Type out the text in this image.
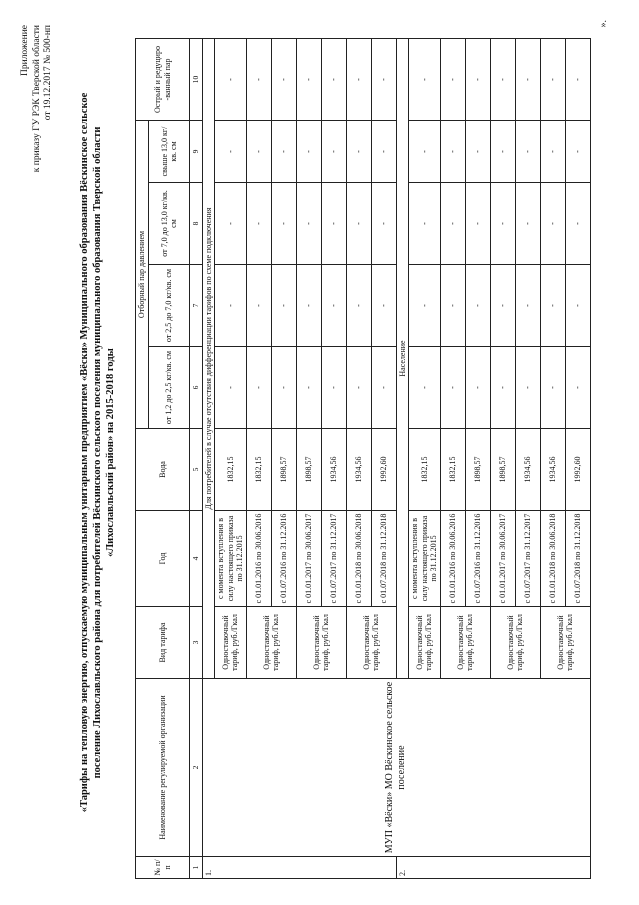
Приложение к приказу ГУ РЭК Тверской области от 19.12.2017 № 500-нп
«Тарифы на тепловую энергию, отпускаемую муниципальным унитарным предприятием «Вёски» Муниципального образования Вёскинское сельское поселение Лихославльского района для потребителей Вёскинского сельского поселения муниципального образования Тверской области «Лихославльский район» на 2015-2018 годы
№ п/ п	Наименование регулируемой организации	Вид тарифа	Год	Вода	Отборный пар давлением				Острый и редуциро -ванный пар
					от 1,2 до 2,5 кг/кв. см	от 2,5 до 7,0 кг/кв. см	от 7,0 до 13,0 кг/кв. см	свыше 13,0 кг/кв. см	
1	2	3	4	5	6	7	8	9	10
1.	МУП «Вёски» МО Вёскинское сельское поселение	Для потребителей в случае отсутствия дифференциации тарифов по схеме подключения							
		Одноставочный тариф, руб./Гкал	с момента вступления в силу настоящего приказа по 31.12.2015	1832,15	-	-	-	-	-
		Одноставочный тариф, руб./Гкал	с 01.01.2016 по 30.06.2016	1832,15	-	-	-	-	-
			с 01.07.2016 по 31.12.2016	1898,57	-	-	-	-	-
		Одноставочный тариф, руб./Гкал	с 01.01.2017 по 30.06.2017	1898,57	-	-	-	-	-
			с 01.07.2017 по 31.12.2017	1934,56	-	-	-	-	-
		Одноставочный тариф, руб./Гкал	с 01.01.2018 по 30.06.2018	1934,56	-	-	-	-	-
			с 01.07.2018 по 31.12.2018	1992,60	-	-	-	-	-
2.		Население							
		Одноставочный тариф, руб./Гкал	с момента вступления в силу настоящего приказа по 31.12.2015	1832,15	-	-	-	-	-
		Одноставочный тариф, руб./Гкал	с 01.01.2016 по 30.06.2016	1832,15	-	-	-	-	-
			с 01.07.2016 по 31.12.2016	1898,57	-	-	-	-	-
		Одноставочный тариф, руб./Гкал	с 01.01.2017 по 30.06.2017	1898,57	-	-	-	-	-
			с 01.07.2017 по 31.12.2017	1934,56	-	-	-	-	-
		Одноставочный тариф, руб./Гкал	с 01.01.2018 по 30.06.2018	1934,56	-	-	-	-	-
			с 01.07.2018 по 31.12.2018	1992,60	-	-	-	-	-
».
